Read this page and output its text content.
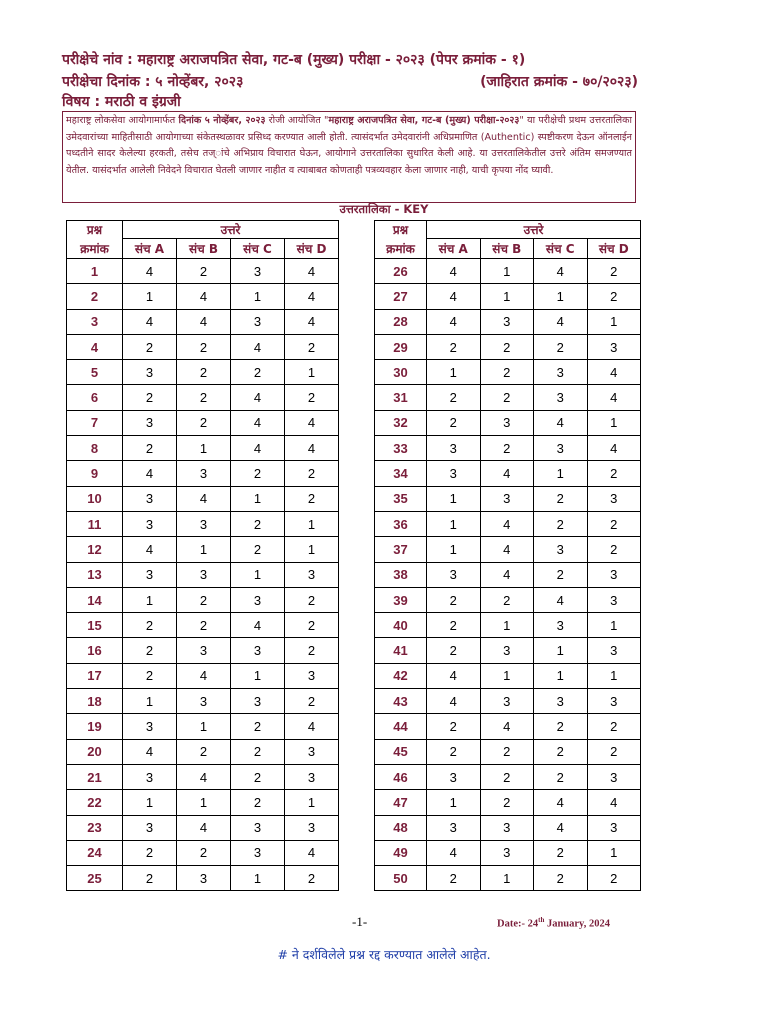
परीक्षेचे नांव : महाराष्ट्र अराजपत्रित सेवा, गट-ब (मुख्य) परीक्षा - २०२३ (पेपर क्रमांक - १)
परीक्षेचा दिनांक : ५ नोव्हेंबर, २०२३	(जाहिरात क्रमांक - ७०/२०२३)
विषय : मराठी व इंग्रजी
महाराष्ट्र लोकसेवा आयोगामार्फत दिनांक ५ नोव्हेंबर, २०२३ रोजी आयोजित "महाराष्ट्र अराजपत्रित सेवा, गट-ब (मुख्य) परीक्षा-२०२३" या परीक्षेची प्रथम उत्तरतालिका उमेदवारांच्या माहितीसाठी आयोगाच्या संकेतस्थळावर प्रसिध्द करण्यात आली होती. त्यासंदर्भात उमेदवारांनी अधिप्रमाणित (Authentic) स्पष्टीकरण देऊन ऑनलाईन पध्दतीने सादर केलेल्या हरकती, तसेच तज्ांचे अभिप्राय विचारात घेऊन, आयोगाने उत्तरतालिका सुधारित केली आहे. या उत्तरतालिकेतील उत्तरे अंतिम समजण्यात येतील. यासंदर्भात आलेली निवेदने विचारात घेतली जाणार नाहीत व त्याबाबत कोणताही पत्रव्यवहार केला जाणार नाही, याची कृपया नोंद घ्यावी.
उत्तरतालिका - KEY
प्रश्न	उत्तरे			
क्रमांक	संच A	संच B	संच C	संच D
1	4	2	3	4
2	1	4	1	4
3	4	4	3	4
4	2	2	4	2
5	3	2	2	1
6	2	2	4	2
7	3	2	4	4
8	2	1	4	4
9	4	3	2	2
10	3	4	1	2
11	3	3	2	1
12	4	1	2	1
13	3	3	1	3
14	1	2	3	2
15	2	2	4	2
16	2	3	3	2
17	2	4	1	3
18	1	3	3	2
19	3	1	2	4
20	4	2	2	3
21	3	4	2	3
22	1	1	2	1
23	3	4	3	3
24	2	2	3	4
25	2	3	1	2
प्रश्न	उत्तरे			
क्रमांक	संच A	संच B	संच C	संच D
26	4	1	4	2
27	4	1	1	2
28	4	3	4	1
29	2	2	2	3
30	1	2	3	4
31	2	2	3	4
32	2	3	4	1
33	3	2	3	4
34	3	4	1	2
35	1	3	2	3
36	1	4	2	2
37	1	4	3	2
38	3	4	2	3
39	2	2	4	3
40	2	1	3	1
41	2	3	1	3
42	4	1	1	1
43	4	3	3	3
44	2	4	2	2
45	2	2	2	2
46	3	2	2	3
47	1	2	4	4
48	3	3	4	3
49	4	3	2	1
50	2	1	2	2
-1-	Date:- 24th January, 2024
# ने दर्शविलेले प्रश्न रद्द करण्यात आलेले आहेत.
